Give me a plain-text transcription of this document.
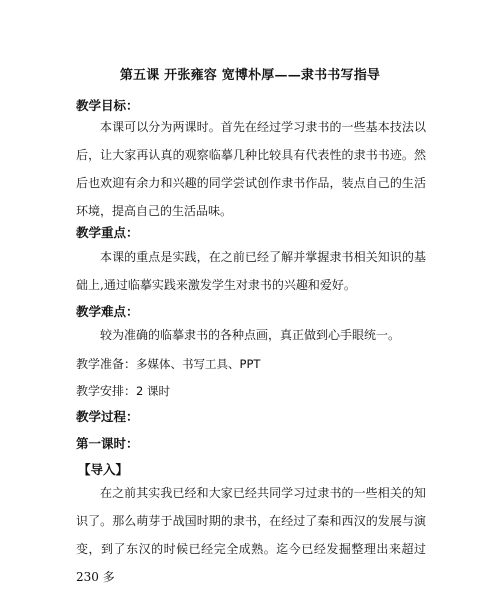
第五课 开张雍容 宽博朴厚——隶书书写指导
教学目标：
本课可以分为两课时。首先在经过学习隶书的一些基本技法以后，让大家再认真的观察临摹几种比较具有代表性的隶书书迹。然后也欢迎有余力和兴趣的同学尝试创作隶书作品，装点自己的生活环境，提高自己的生活品味。
教学重点：
本课的重点是实践，在之前已经了解并掌握隶书相关知识的基础上,通过临摹实践来激发学生对隶书的兴趣和爱好。
教学难点：
较为准确的临摹隶书的各种点画，真正做到心手眼统一。
教学准备：多媒体、书写工具、PPT
教学安排：2 课时
教学过程：
第一课时：
【导入】
在之前其实我已经和大家已经共同学习过隶书的一些相关的知识了。那么萌芽于战国时期的隶书，在经过了秦和西汉的发展与演变，到了东汉的时候已经完全成熟。迄今已经发掘整理出来超过 230 多
